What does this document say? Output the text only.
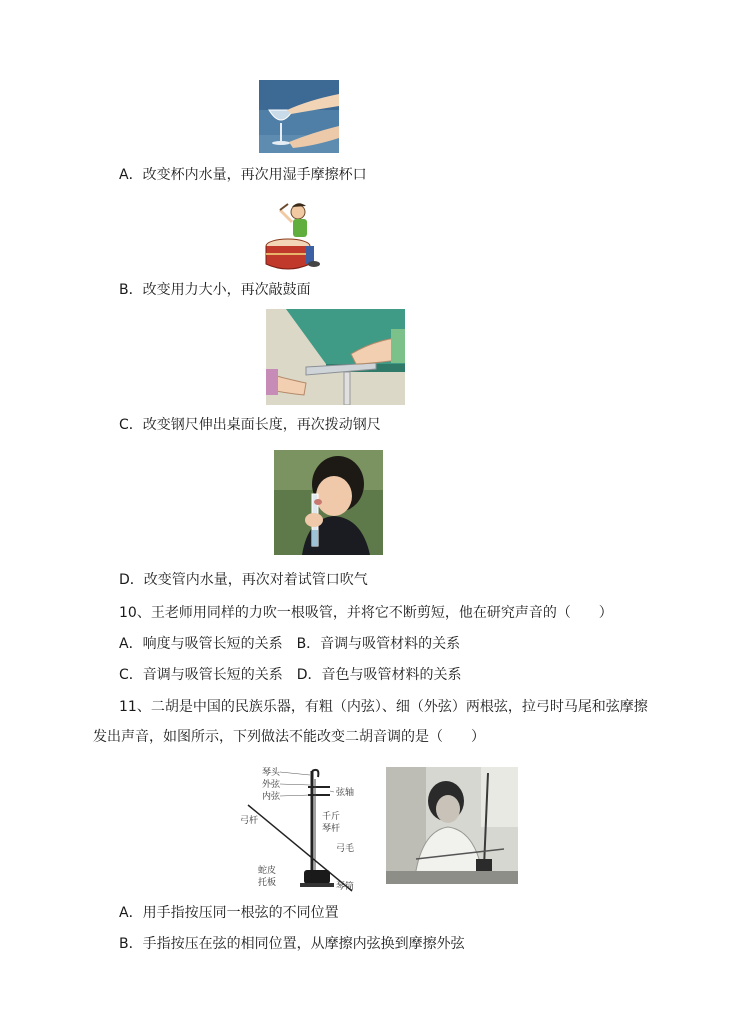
A．改变杯内水量，再次用湿手摩擦杯口
B．改变用力大小，再次敲鼓面
C．改变钢尺伸出桌面长度，再次拨动钢尺
D．改变管内水量，再次对着试管口吹气
10、王老师用同样的力吹一根吸管，并将它不断剪短，他在研究声音的（　　）
A．响度与吸管长短的关系　B．音调与吸管材料的关系
C．音调与吸管长短的关系　D．音色与吸管材料的关系
11、二胡是中国的民族乐器，有粗（内弦）、细（外弦）两根弦，拉弓时马尾和弦摩擦
发出声音，如图所示，下列做法不能改变二胡音调的是（　　）
琴头
外弦
内弦	弦轴
弓杆	千斤
琴杆
弓毛
蛇皮
托板	琴筒
A．用手指按压同一根弦的不同位置
B．手指按压在弦的相同位置，从摩擦内弦换到摩擦外弦
